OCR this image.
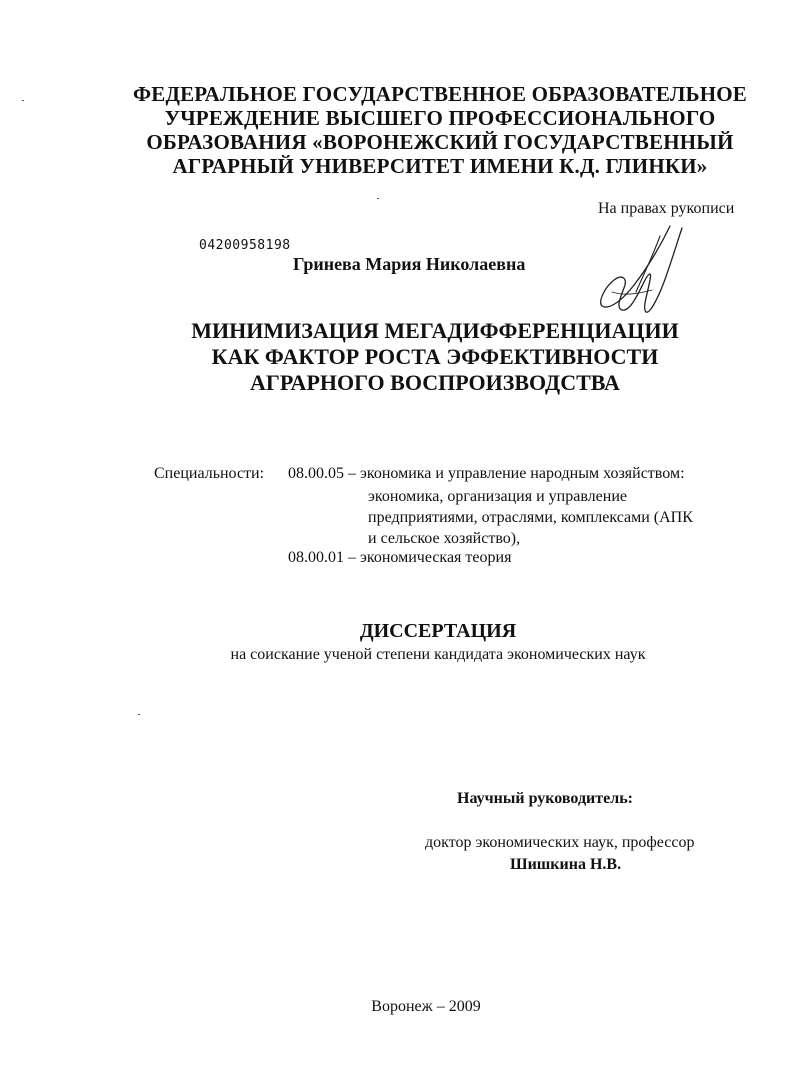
ФЕДЕРАЛЬНОЕ ГОСУДАРСТВЕННОЕ ОБРАЗОВАТЕЛЬНОЕ
УЧРЕЖДЕНИЕ ВЫСШЕГО ПРОФЕССИОНАЛЬНОГО
ОБРАЗОВАНИЯ «ВОРОНЕЖСКИЙ ГОСУДАРСТВЕННЫЙ
АГРАРНЫЙ УНИВЕРСИТЕТ ИМЕНИ К.Д. ГЛИНКИ»
На правах рукописи
04200958198
Гринева Мария Николаевна
МИНИМИЗАЦИЯ МЕГАДИФФЕРЕНЦИАЦИИ
КАК ФАКТОР РОСТА ЭФФЕКТИВНОСТИ
АГРАРНОГО ВОСПРОИЗВОДСТВА
Специальности: 08.00.05 – экономика и управление народным хозяйством:
экономика, организация и управление
предприятиями, отраслями, комплексами (АПК
и сельское хозяйство),
08.00.01 – экономическая теория
ДИССЕРТАЦИЯ
на соискание ученой степени кандидата экономических наук
Научный руководитель:
доктор экономических наук, профессор
Шишкина Н.В.
Воронеж – 2009
